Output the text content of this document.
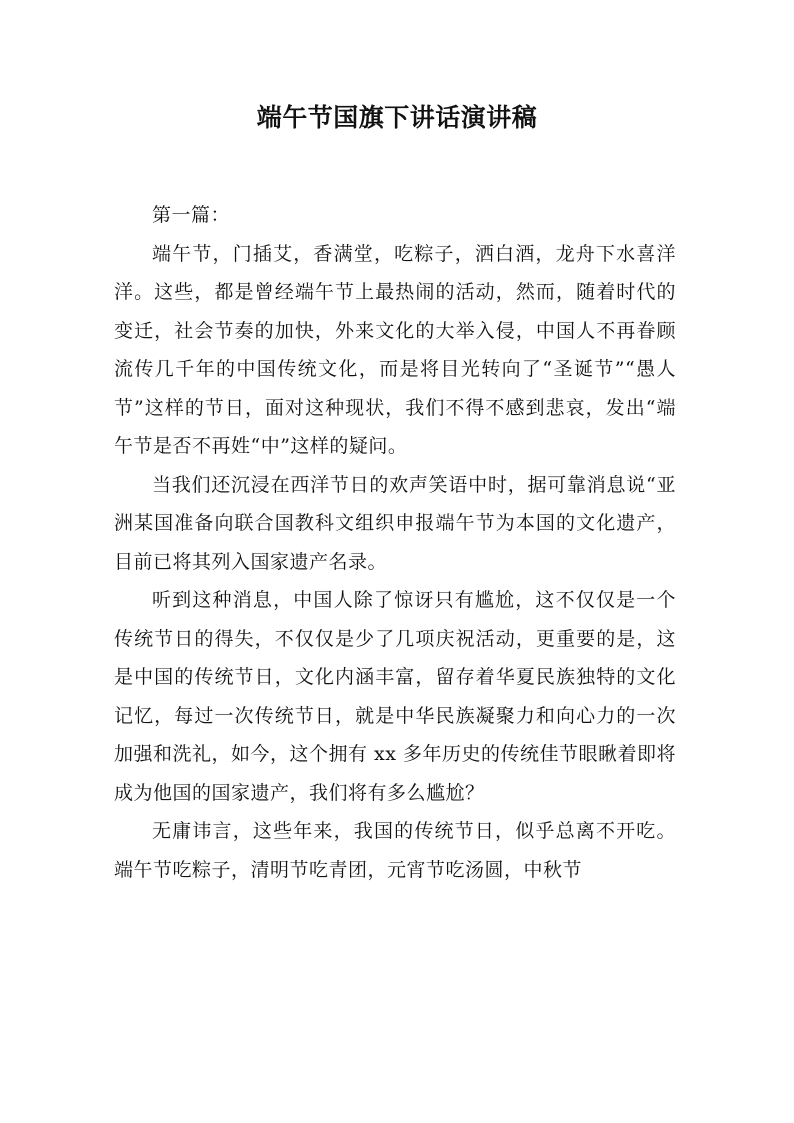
端午节国旗下讲话演讲稿

第一篇：

端午节，门插艾，香满堂，吃粽子，洒白酒，龙舟下水喜洋洋。这些，都是曾经端午节上最热闹的活动，然而，随着时代的变迁，社会节奏的加快，外来文化的大举入侵，中国人不再眷顾流传几千年的中国传统文化，而是将目光转向了“圣诞节”“愚人节”这样的节日，面对这种现状，我们不得不感到悲哀，发出“端午节是否不再姓“中”这样的疑问。

当我们还沉浸在西洋节日的欢声笑语中时，据可靠消息说“亚洲某国准备向联合国教科文组织申报端午节为本国的文化遗产，目前已将其列入国家遗产名录。

听到这种消息，中国人除了惊讶只有尴尬，这不仅仅是一个传统节日的得失，不仅仅是少了几项庆祝活动，更重要的是，这是中国的传统节日，文化内涵丰富，留存着华夏民族独特的文化记忆，每过一次传统节日，就是中华民族凝聚力和向心力的一次加强和洗礼，如今，这个拥有 xx 多年历史的传统佳节眼瞅着即将成为他国的国家遗产，我们将有多么尴尬？

无庸讳言，这些年来，我国的传统节日，似乎总离不开吃。端午节吃粽子，清明节吃青团，元宵节吃汤圆，中秋节
